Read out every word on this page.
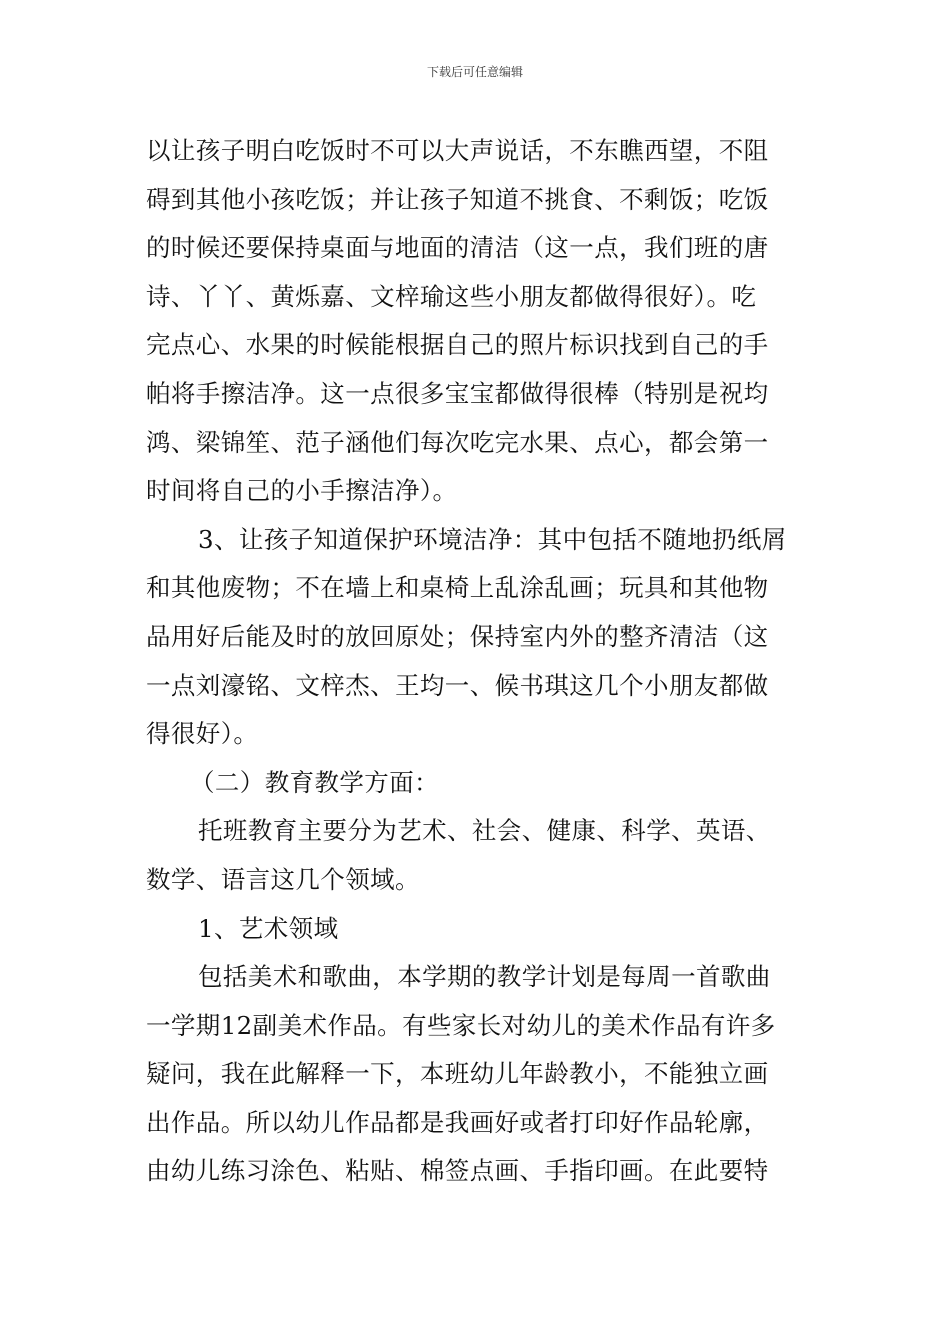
下载后可任意编辑
以让孩子明白吃饭时不可以大声说话，不东瞧西望，不阻
碍到其他小孩吃饭；并让孩子知道不挑食、不剩饭；吃饭
的时候还要保持桌面与地面的清洁（这一点，我们班的唐
诗、丫丫、黄烁嘉、文梓瑜这些小朋友都做得很好）。吃
完点心、水果的时候能根据自己的照片标识找到自己的手
帕将手擦洁净。这一点很多宝宝都做得很棒（特别是祝均
鸿、梁锦笙、范子涵他们每次吃完水果、点心，都会第一
时间将自己的小手擦洁净）。
3、让孩子知道保护环境洁净：其中包括不随地扔纸屑
和其他废物；不在墙上和桌椅上乱涂乱画；玩具和其他物
品用好后能及时的放回原处；保持室内外的整齐清洁（这
一点刘濠铭、文梓杰、王均一、候书琪这几个小朋友都做
得很好）。
（二）教育教学方面：
托班教育主要分为艺术、社会、健康、科学、英语、
数学、语言这几个领域。
1、艺术领域
包括美术和歌曲，本学期的教学计划是每周一首歌曲
一学期12副美术作品。有些家长对幼儿的美术作品有许多
疑问，我在此解释一下，本班幼儿年龄教小，不能独立画
出作品。所以幼儿作品都是我画好或者打印好作品轮廓，
由幼儿练习涂色、粘贴、棉签点画、手指印画。在此要特
